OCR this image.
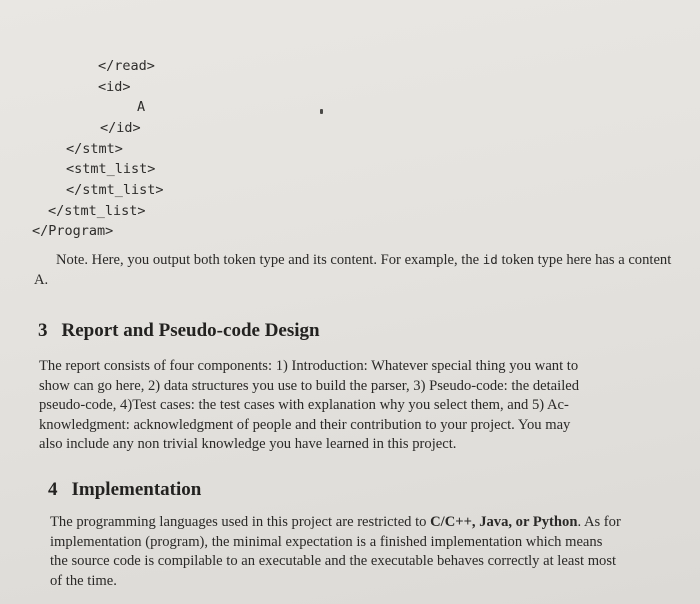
</read>
<id>
A
</id>
</stmt>
<stmt_list>
</stmt_list>
</stmt_list>
</Program>
Note. Here, you output both token type and its content. For example, the id token type here has a content A.
3 Report and Pseudo-code Design
The report consists of four components: 1) Introduction: Whatever special thing you want to
show can go here, 2) data structures you use to build the parser, 3) Pseudo-code: the detailed
pseudo-code, 4)Test cases: the test cases with explanation why you select them, and 5) Ac-
knowledgment: acknowledgment of people and their contribution to your project. You may
also include any non trivial knowledge you have learned in this project.
4 Implementation
The programming languages used in this project are restricted to C/C++, Java, or Python. As for
implementation (program), the minimal expectation is a finished implementation which means
the source code is compilable to an executable and the executable behaves correctly at least most
of the time.
